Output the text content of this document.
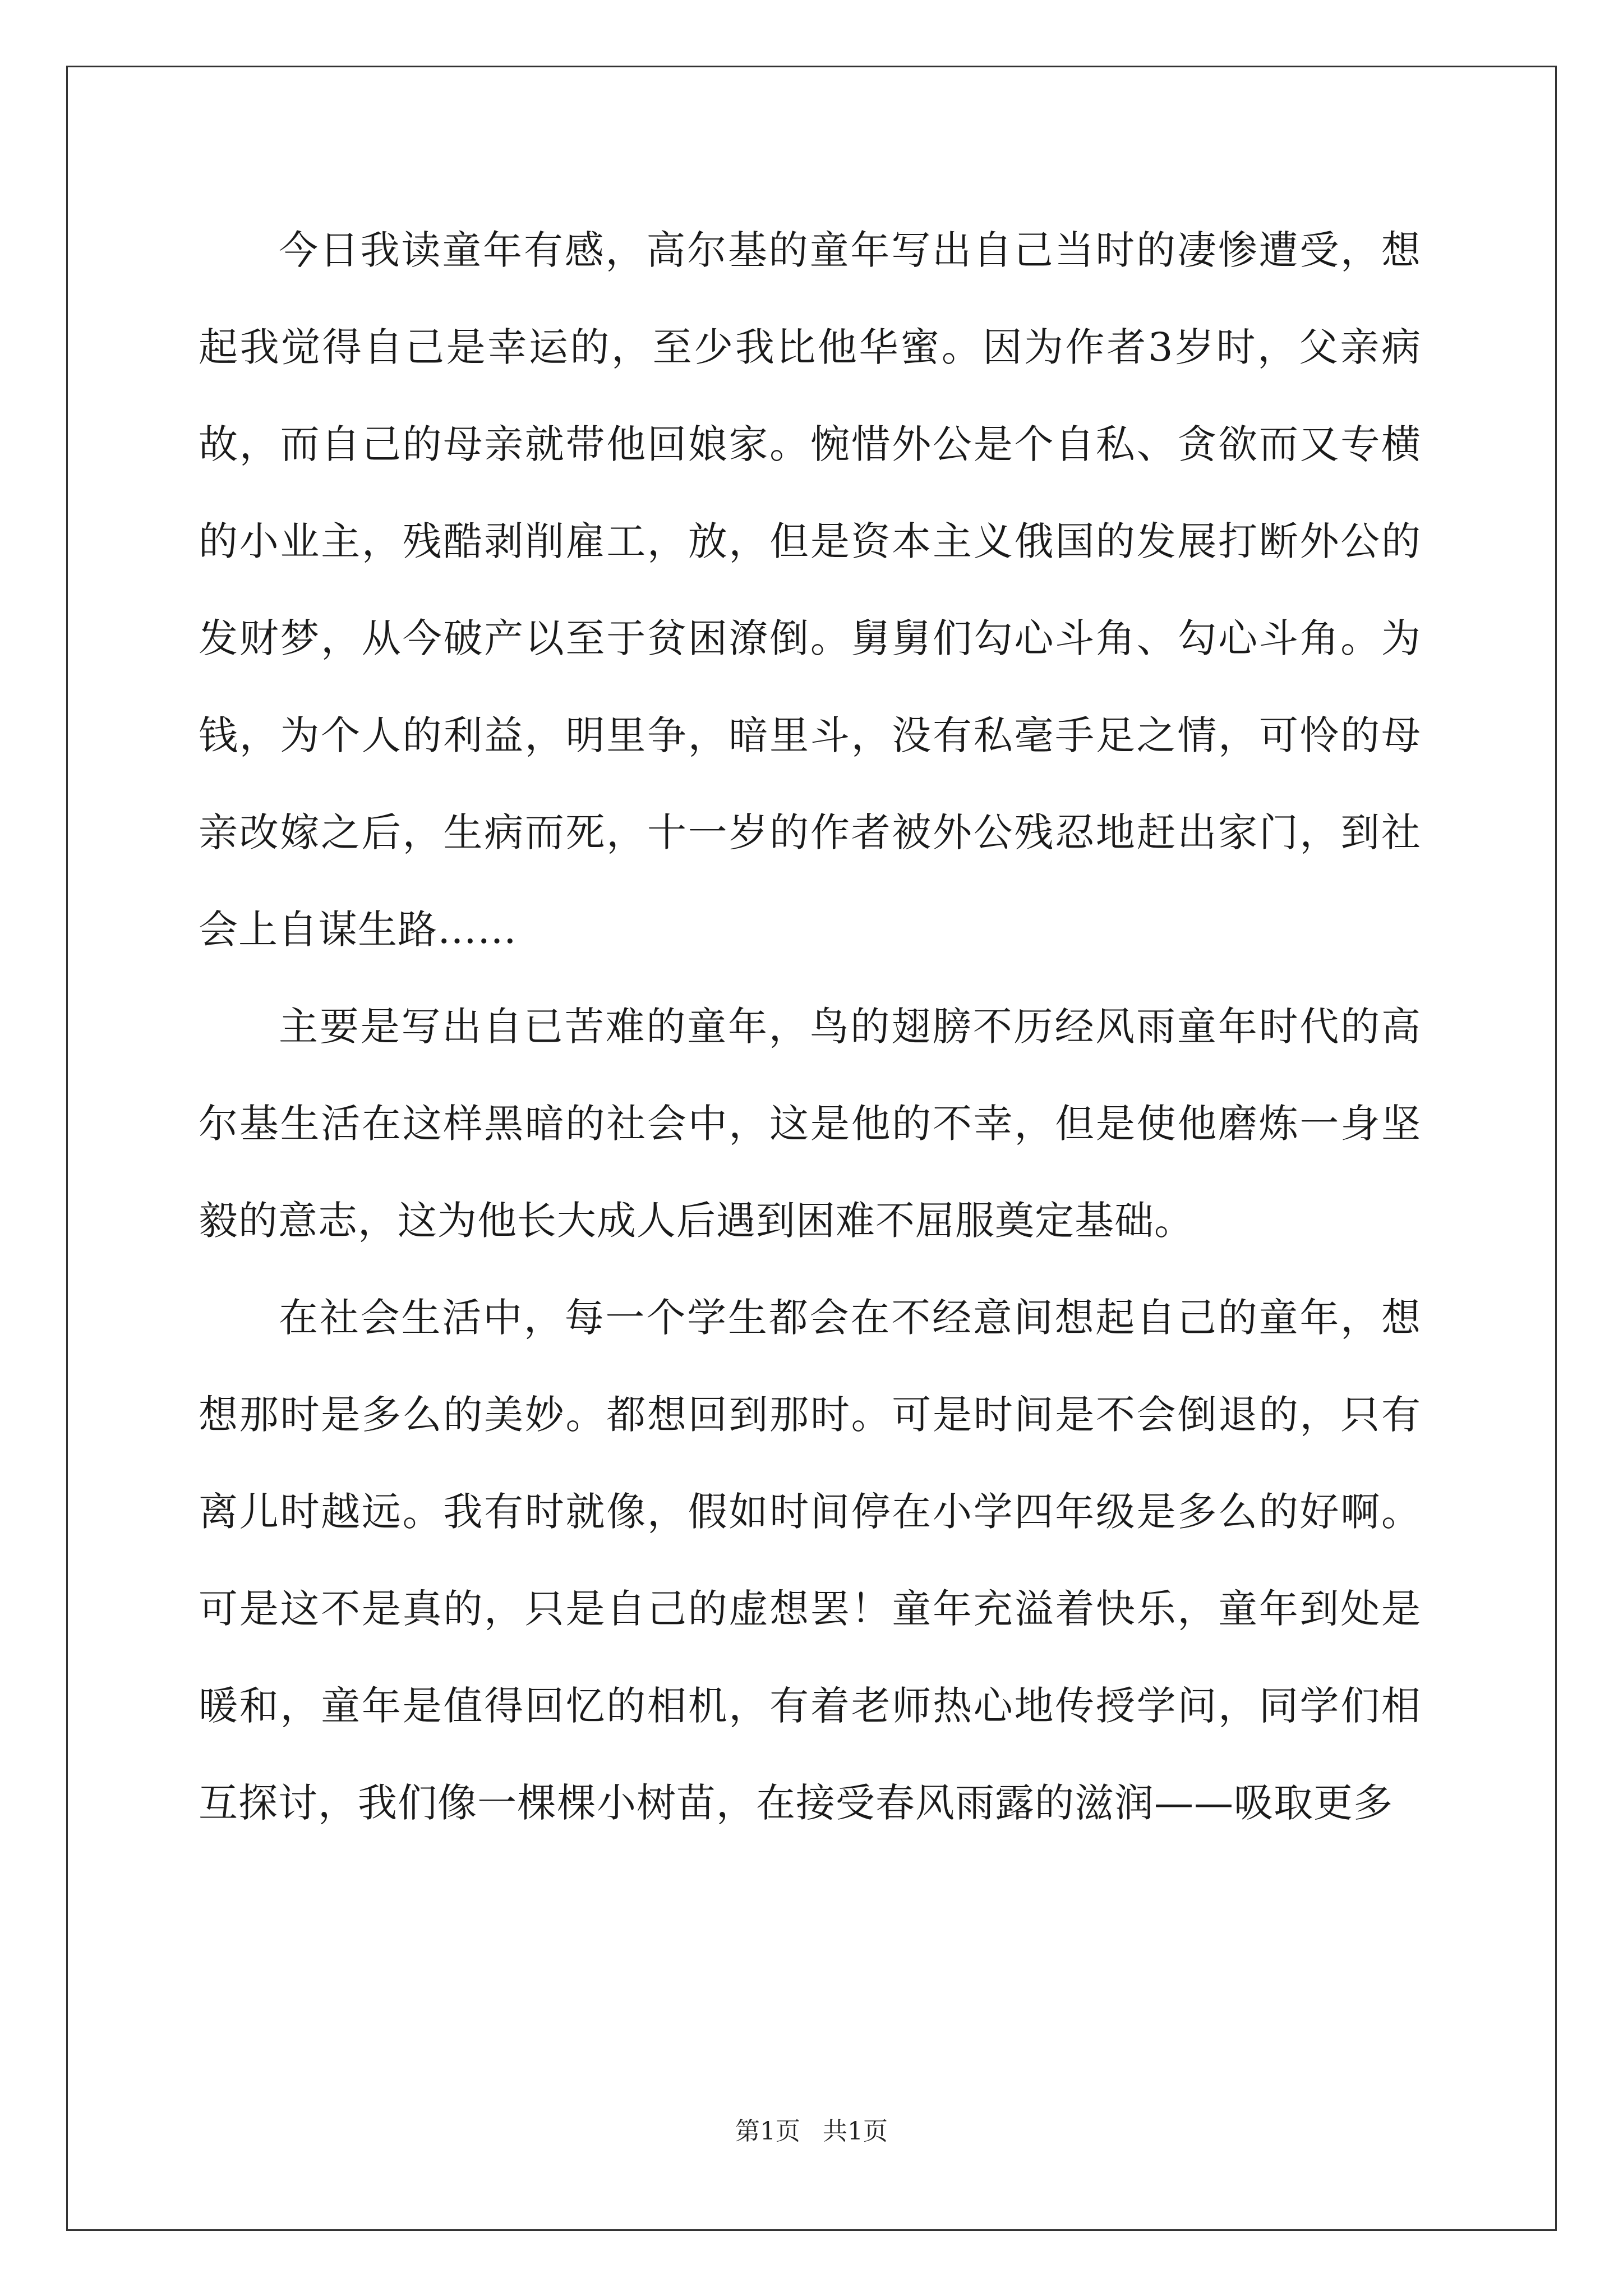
今日我读童年有感，高尔基的童年写出自己当时的凄惨遭受，想起我觉得自己是幸运的，至少我比他华蜜。因为作者3岁时，父亲病故，而自己的母亲就带他回娘家。惋惜外公是个自私、贪欲而又专横的小业主，残酷剥削雇工，放，但是资本主义俄国的发展打断外公的发财梦，从今破产以至于贫困潦倒。舅舅们勾心斗角、勾心斗角。为钱，为个人的利益，明里争，暗里斗，没有私毫手足之情，可怜的母亲改嫁之后，生病而死，十一岁的作者被外公残忍地赶出家门，到社会上自谋生路……

主要是写出自已苦难的童年，鸟的翅膀不历经风雨童年时代的高尔基生活在这样黑暗的社会中，这是他的不幸，但是使他磨炼一身坚毅的意志，这为他长大成人后遇到困难不屈服奠定基础。

在社会生活中，每一个学生都会在不经意间想起自己的童年，想想那时是多么的美妙。都想回到那时。可是时间是不会倒退的，只有离儿时越远。我有时就像，假如时间停在小学四年级是多么的好啊。可是这不是真的，只是自己的虚想罢！童年充溢着快乐，童年到处是暖和，童年是值得回忆的相机，有着老师热心地传授学问，同学们相互探讨，我们像一棵棵小树苗，在接受春风雨露的滋润——吸取更多

第1页 共1页
